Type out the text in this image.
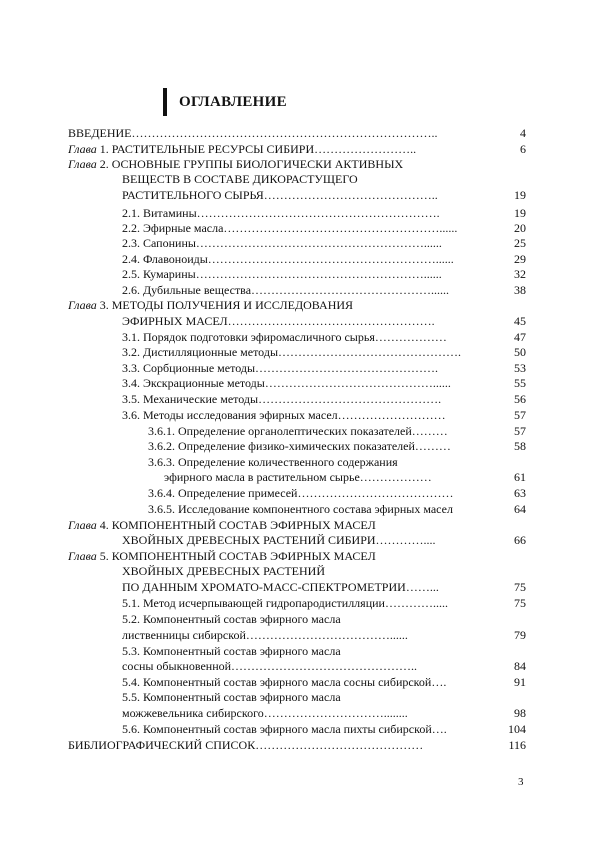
ОГЛАВЛЕНИЕ
ВВЕДЕНИЕ…………………………………………………………………..	4
Глава 1. РАСТИТЕЛЬНЫЕ РЕСУРСЫ СИБИРИ……………………..	6
Глава 2. ОСНОВНЫЕ ГРУППЫ БИОЛОГИЧЕСКИ АКТИВНЫХ
ВЕЩЕСТВ В СОСТАВЕ ДИКОРАСТУЩЕГО
РАСТИТЕЛЬНОГО СЫРЬЯ……………………………………..	19
2.1. Витамины…………………………………………………….	19
2.2. Эфирные масла………………………………………………......	20
2.3. Сапонины…………………………………………………......	25
2.4. Флавоноиды…………………………………………………......	29
2.5. Кумарины…………………………………………………......	32
2.6. Дубильные вещества………………………………………......	38
Глава 3. МЕТОДЫ ПОЛУЧЕНИЯ И ИССЛЕДОВАНИЯ
ЭФИРНЫХ МАСЕЛ…………………………………………….	45
3.1. Порядок подготовки эфиромасличного сырья………………	47
3.2. Дистилляционные методы……………………………………….	50
3.3. Сорбционные методы……………………………………….	53
3.4. Экскрационные методы……………………………………......	55
3.5. Механические методы……………………………………….	56
3.6. Методы исследования эфирных масел………………………	57
3.6.1. Определение органолептических показателей………	57
3.6.2. Определение физико-химических показателей………	58
3.6.3. Определение количественного содержания
эфирного масла в растительном сырье………………	61
3.6.4. Определение примесей…………………………………	63
3.6.5. Исследование компонентного состава эфирных масел	64
Глава 4. КОМПОНЕНТНЫЙ СОСТАВ ЭФИРНЫХ МАСЕЛ
ХВОЙНЫХ ДРЕВЕСНЫХ РАСТЕНИЙ СИБИРИ…………....	66
Глава 5. КОМПОНЕНТНЫЙ СОСТАВ ЭФИРНЫХ МАСЕЛ
ХВОЙНЫХ ДРЕВЕСНЫХ РАСТЕНИЙ
ПО ДАННЫМ ХРОМАТО-МАСС-СПЕКТРОМЕТРИИ……...	75
5.1. Метод исчерпывающей гидропародистилляции………….....	75
5.2. Компонентный состав эфирного масла
лиственницы сибирской………………………………......	79
5.3. Компонентный состав эфирного масла
сосны обыкновенной………………………………………..	84
5.4. Компонентный состав эфирного масла сосны сибирской….	91
5.5. Компонентный состав эфирного масла
можжевельника сибирского…………………………........	98
5.6. Компонентный состав эфирного масла пихты сибирской….	104
БИБЛИОГРАФИЧЕСКИЙ СПИСОК……………………………………	116
3
